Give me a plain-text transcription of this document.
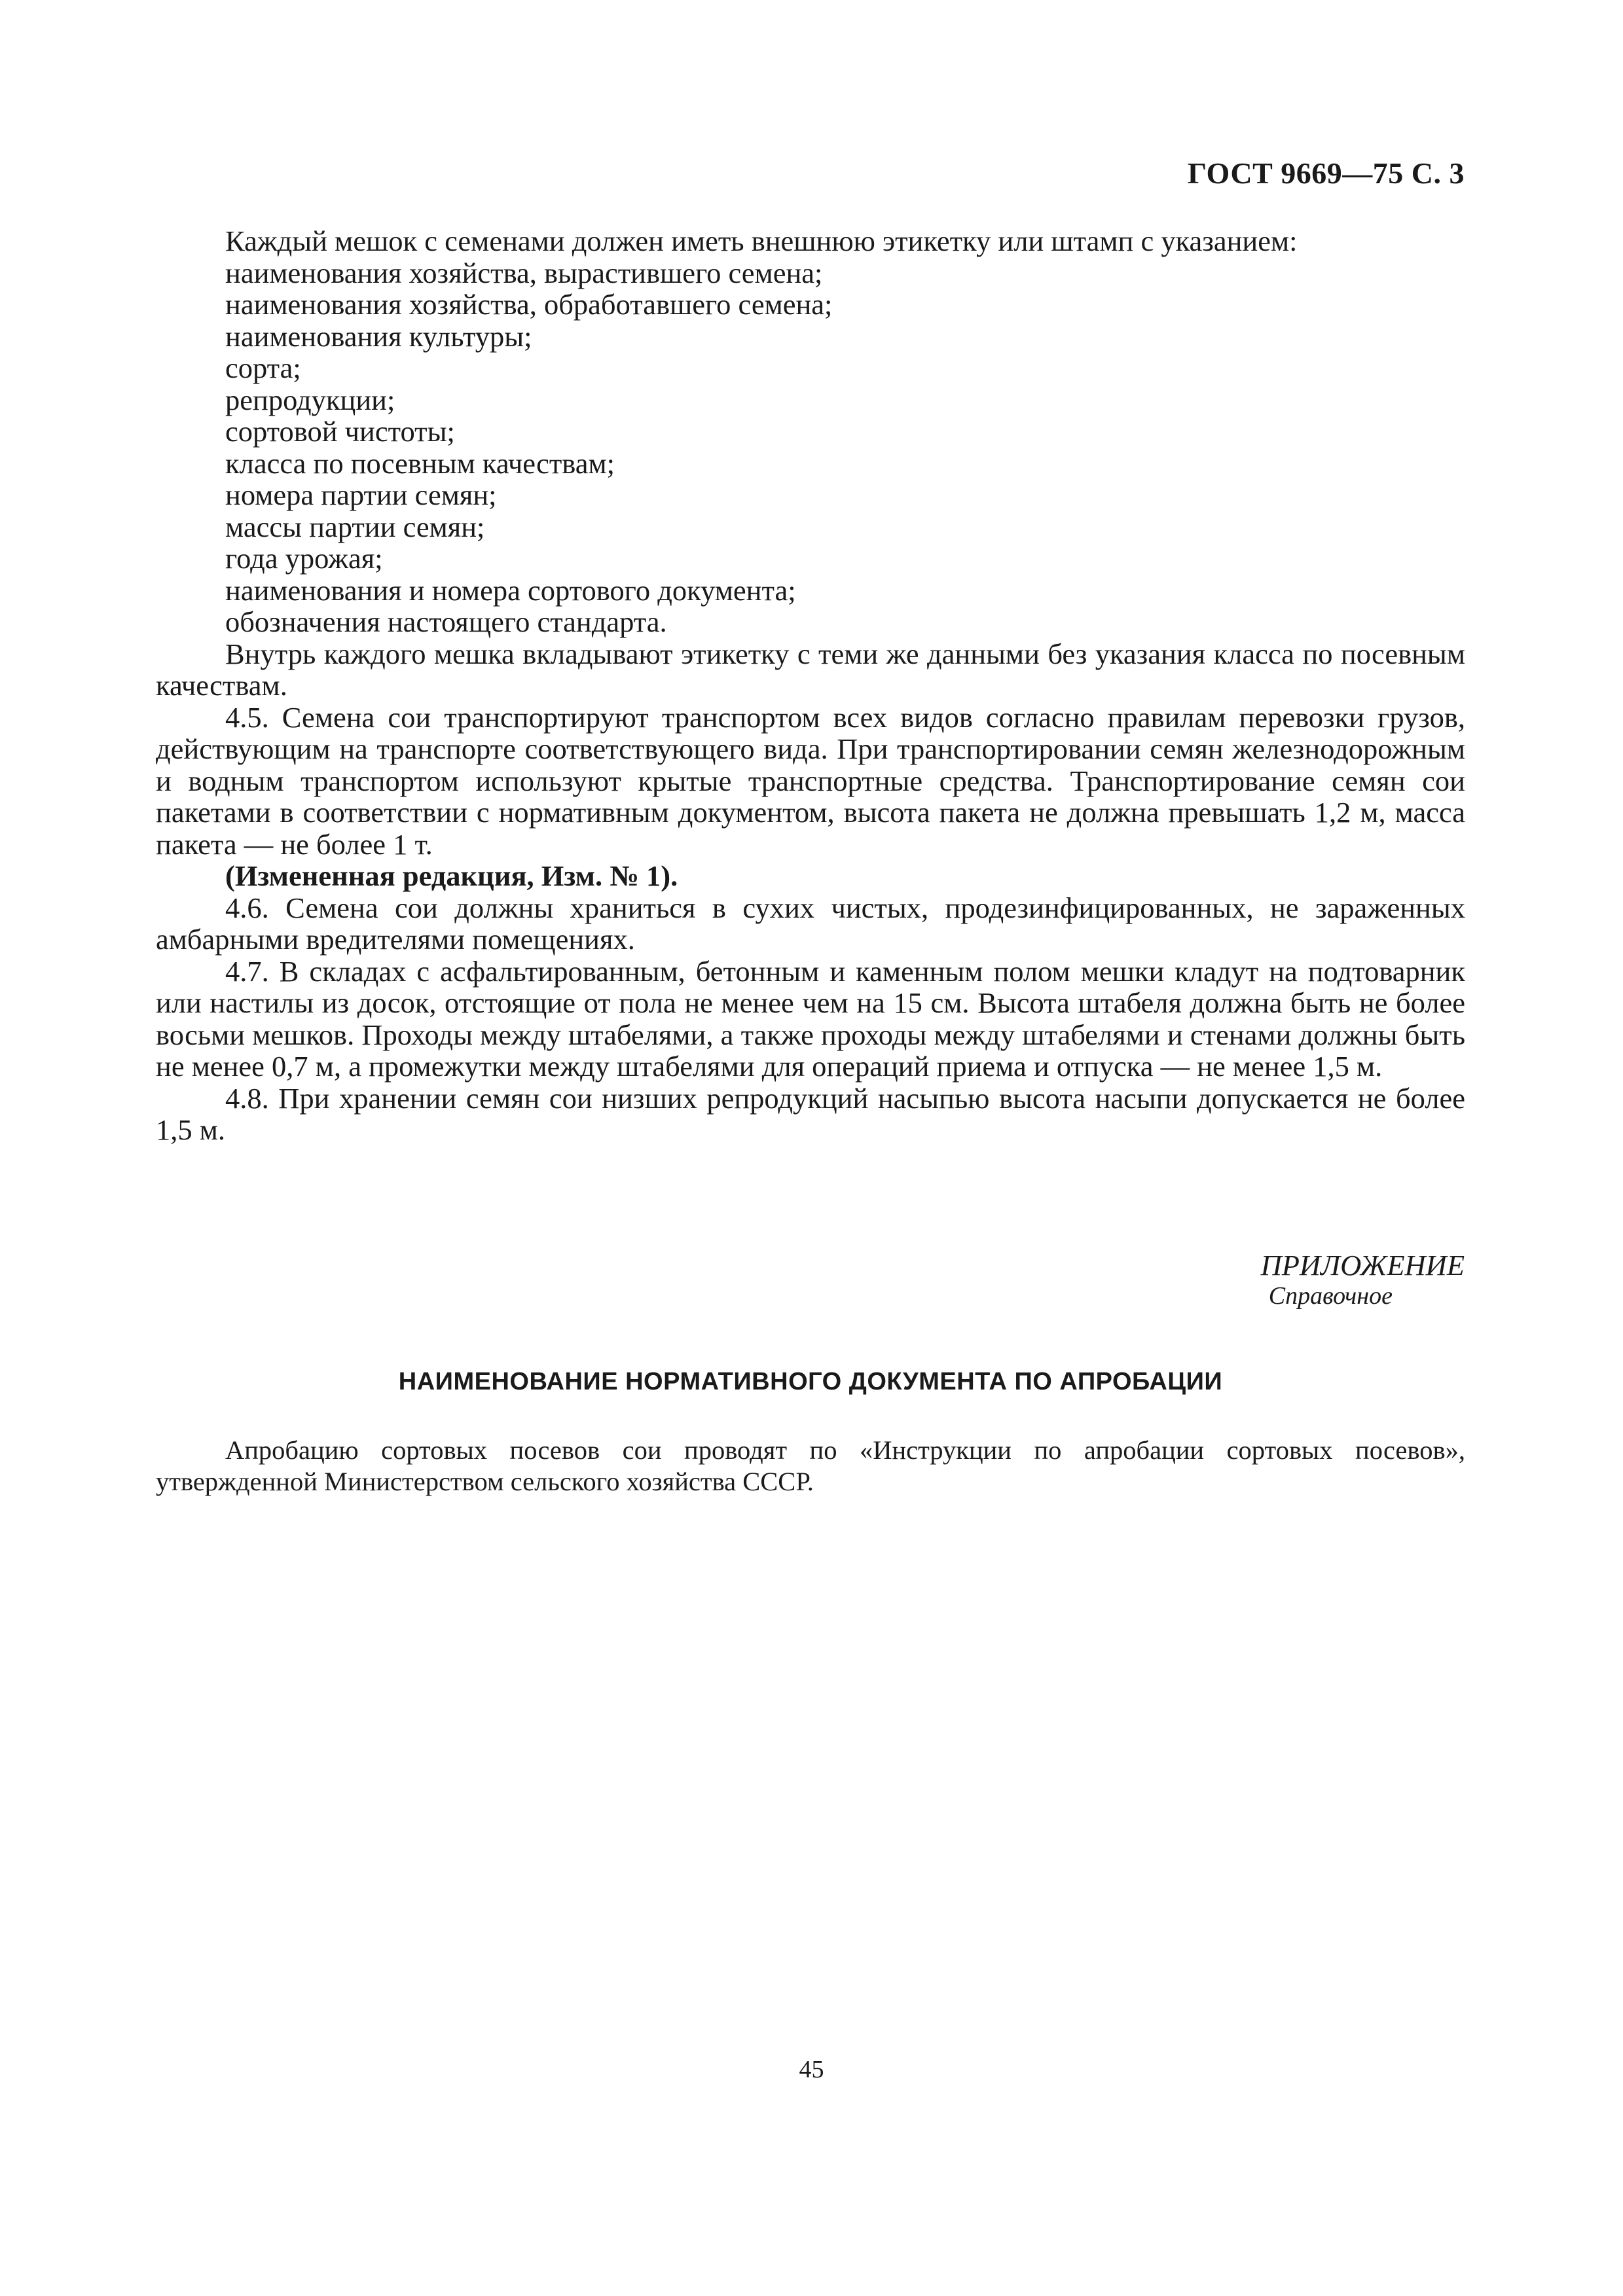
ГОСТ 9669—75 С. 3

Каждый мешок с семенами должен иметь внешнюю этикетку или штамп с указанием:

наименования хозяйства, вырастившего семена;

наименования хозяйства, обработавшего семена;

наименования культуры;

сорта;

репродукции;

сортовой чистоты;

класса по посевным качествам;

номера партии семян;

массы партии семян;

года урожая;

наименования и номера сортового документа;

обозначения настоящего стандарта.

Внутрь каждого мешка вкладывают этикетку с теми же данными без указания класса по посевным качествам.

4.5. Семена сои транспортируют транспортом всех видов согласно правилам перевозки грузов, действующим на транспорте соответствующего вида. При транспортировании семян железнодорожным и водным транспортом используют крытые транспортные средства. Транспортирование семян сои пакетами в соответствии с нормативным документом, высота пакета не должна превышать 1,2 м, масса пакета — не более 1 т.

(Измененная редакция, Изм. № 1).

4.6. Семена сои должны храниться в сухих чистых, продезинфицированных, не зараженных амбарными вредителями помещениях.

4.7. В складах с асфальтированным, бетонным и каменным полом мешки кладут на подтоварник или настилы из досок, отстоящие от пола не менее чем на 15 см. Высота штабеля должна быть не более восьми мешков. Проходы между штабелями, а также проходы между штабелями и стенами должны быть не менее 0,7 м, а промежутки между штабелями для операций приема и отпуска — не менее 1,5 м.

4.8. При хранении семян сои низших репродукций насыпью высота насыпи допускается не более 1,5 м.

ПРИЛОЖЕНИЕ
Справочное
НАИМЕНОВАНИЕ НОРМАТИВНОГО ДОКУМЕНТА ПО АПРОБАЦИИ

Апробацию сортовых посевов сои проводят по «Инструкции по апробации сортовых посевов», утвержденной Министерством сельского хозяйства СССР.

45
